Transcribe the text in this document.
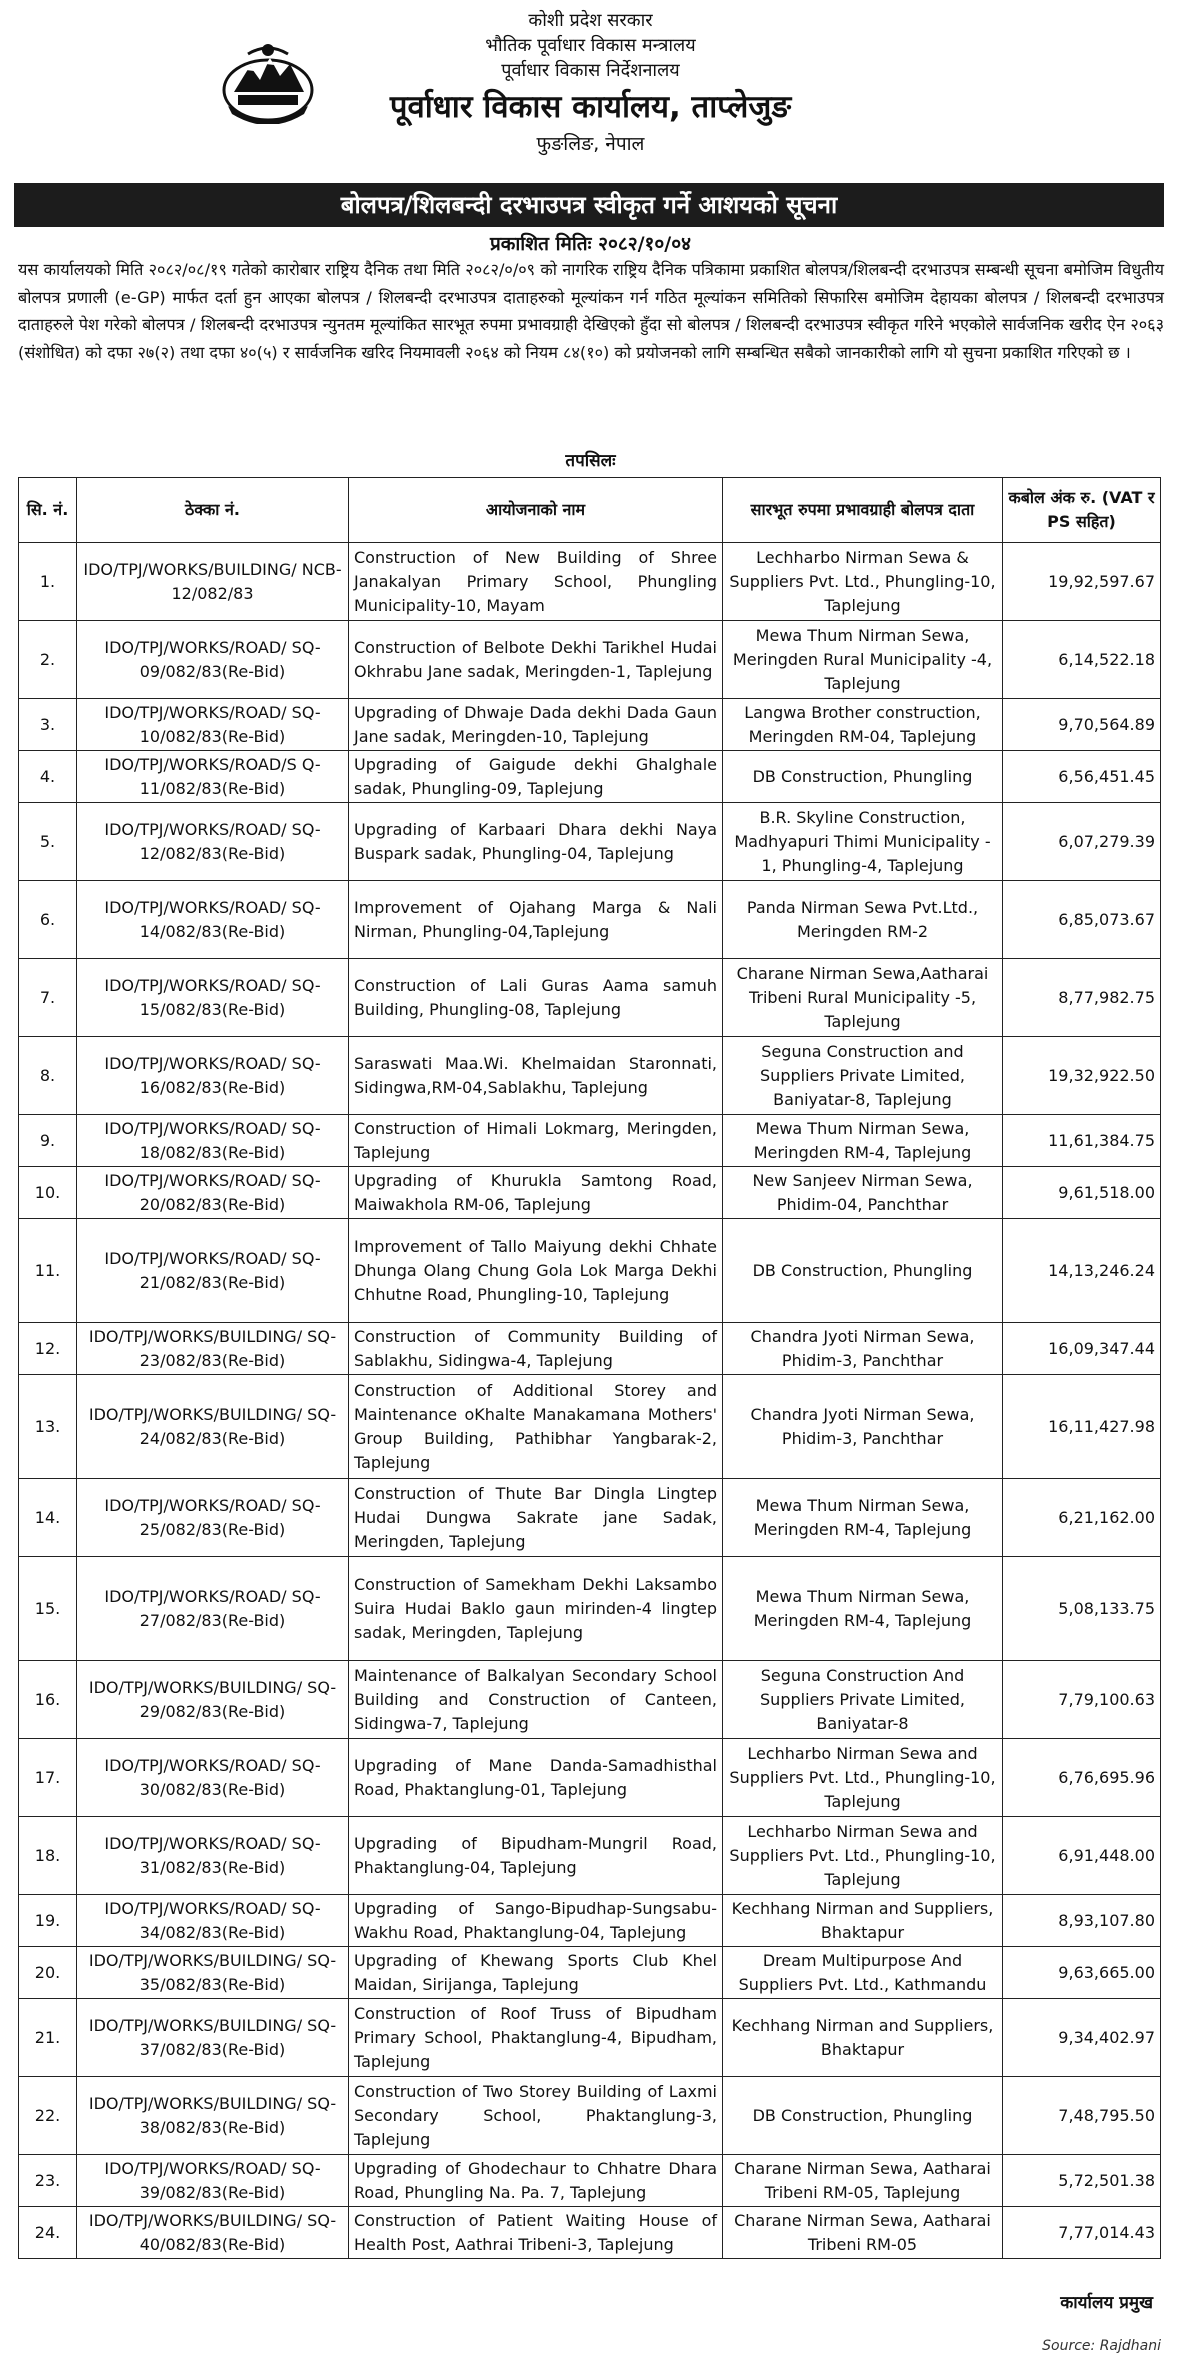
कोशी प्रदेश सरकार
भौतिक पूर्वाधार विकास मन्त्रालय
पूर्वाधार विकास निर्देशनालय
पूर्वाधार विकास कार्यालय, ताप्लेजुङ
फुङलिङ, नेपाल
बोलपत्र/शिलबन्दी दरभाउपत्र स्वीकृत गर्ने आशयको सूचना
प्रकाशित मितिः २०८२/१०/०४
यस कार्यालयको मिति २०८२/०८/१९ गतेको कारोबार राष्ट्रिय दैनिक तथा मिति २०८२/०/०९ को नागरिक राष्ट्रिय दैनिक पत्रिकामा प्रकाशित बोलपत्र/शिलबन्दी दरभाउपत्र सम्बन्धी सूचना बमोजिम विधुतीय बोलपत्र प्रणाली (e-GP) मार्फत दर्ता हुन आएका बोलपत्र / शिलबन्दी दरभाउपत्र दाताहरुको मूल्यांकन गर्न गठित मूल्यांकन समितिको सिफारिस बमोजिम देहायका बोलपत्र / शिलबन्दी दरभाउपत्र दाताहरुले पेश गरेको बोलपत्र / शिलबन्दी दरभाउपत्र न्युनतम मूल्यांकित सारभूत रुपमा प्रभावग्राही देखिएको हुँदा सो बोलपत्र / शिलबन्दी दरभाउपत्र स्वीकृत गरिने भएकोले सार्वजनिक खरीद ऐन २०६३ (संशोधित) को दफा २७(२) तथा दफा ४०(५) र सार्वजनिक खरिद नियमावली २०६४ को नियम ८४(१०) को प्रयोजनको लागि सम्बन्धित सबैको जानकारीको लागि यो सुचना प्रकाशित गरिएको छ ।
तपसिलः
सि. नं.	ठेक्का नं.	आयोजनाको नाम	सारभूत रुपमा प्रभावग्राही बोलपत्र दाता	कबोल अंक रु. (VAT र PS सहित)
1.	IDO/TPJ/WORKS/BUILDING/ NCB-12/082/83	Construction of New Building of Shree Janakalyan Primary School, Phungling Municipality-10, Mayam	Lechharbo Nirman Sewa & Suppliers Pvt. Ltd., Phungling-10, Taplejung	19,92,597.67
2.	IDO/TPJ/WORKS/ROAD/ SQ-09/082/83(Re-Bid)	Construction of Belbote Dekhi Tarikhel Hudai Okhrabu Jane sadak, Meringden-1, Taplejung	Mewa Thum Nirman Sewa, Meringden Rural Municipality -4, Taplejung	6,14,522.18
3.	IDO/TPJ/WORKS/ROAD/ SQ-10/082/83(Re-Bid)	Upgrading of Dhwaje Dada dekhi Dada Gaun Jane sadak, Meringden-10, Taplejung	Langwa Brother construction, Meringden RM-04, Taplejung	9,70,564.89
4.	IDO/TPJ/WORKS/ROAD/S Q-11/082/83(Re-Bid)	Upgrading of Gaigude dekhi Ghalghale sadak, Phungling-09, Taplejung	DB Construction, Phungling	6,56,451.45
5.	IDO/TPJ/WORKS/ROAD/ SQ-12/082/83(Re-Bid)	Upgrading of Karbaari Dhara dekhi Naya Buspark sadak, Phungling-04, Taplejung	B.R. Skyline Construction, Madhyapuri Thimi Municipality - 1, Phungling-4, Taplejung	6,07,279.39
6.	IDO/TPJ/WORKS/ROAD/ SQ-14/082/83(Re-Bid)	Improvement of Ojahang Marga & Nali Nirman, Phungling-04,Taplejung	Panda Nirman Sewa Pvt.Ltd., Meringden RM-2	6,85,073.67
7.	IDO/TPJ/WORKS/ROAD/ SQ-15/082/83(Re-Bid)	Construction of Lali Guras Aama samuh Building, Phungling-08, Taplejung	Charane Nirman Sewa,Aatharai Tribeni Rural Municipality -5, Taplejung	8,77,982.75
8.	IDO/TPJ/WORKS/ROAD/ SQ-16/082/83(Re-Bid)	Saraswati Maa.Wi. Khelmaidan Staronnati, Sidingwa,RM-04,Sablakhu, Taplejung	Seguna Construction and Suppliers Private Limited, Baniyatar-8, Taplejung	19,32,922.50
9.	IDO/TPJ/WORKS/ROAD/ SQ-18/082/83(Re-Bid)	Construction of Himali Lokmarg, Meringden, Taplejung	Mewa Thum Nirman Sewa, Meringden RM-4, Taplejung	11,61,384.75
10.	IDO/TPJ/WORKS/ROAD/ SQ-20/082/83(Re-Bid)	Upgrading of Khurukla Samtong Road, Maiwakhola RM-06, Taplejung	New Sanjeev Nirman Sewa, Phidim-04, Panchthar	9,61,518.00
11.	IDO/TPJ/WORKS/ROAD/ SQ-21/082/83(Re-Bid)	Improvement of Tallo Maiyung dekhi Chhate Dhunga Olang Chung Gola Lok Marga Dekhi Chhutne Road, Phungling-10, Taplejung	DB Construction, Phungling	14,13,246.24
12.	IDO/TPJ/WORKS/BUILDING/ SQ-23/082/83(Re-Bid)	Construction of Community Building of Sablakhu, Sidingwa-4, Taplejung	Chandra Jyoti Nirman Sewa, Phidim-3, Panchthar	16,09,347.44
13.	IDO/TPJ/WORKS/BUILDING/ SQ-24/082/83(Re-Bid)	Construction of Additional Storey and Maintenance oKhalte Manakamana Mothers' Group Building, Pathibhar Yangbarak-2, Taplejung	Chandra Jyoti Nirman Sewa, Phidim-3, Panchthar	16,11,427.98
14.	IDO/TPJ/WORKS/ROAD/ SQ-25/082/83(Re-Bid)	Construction of Thute Bar Dingla Lingtep Hudai Dungwa Sakrate jane Sadak, Meringden, Taplejung	Mewa Thum Nirman Sewa, Meringden RM-4, Taplejung	6,21,162.00
15.	IDO/TPJ/WORKS/ROAD/ SQ-27/082/83(Re-Bid)	Construction of Samekham Dekhi Laksambo Suira Hudai Baklo gaun mirinden-4 lingtep sadak, Meringden, Taplejung	Mewa Thum Nirman Sewa, Meringden RM-4, Taplejung	5,08,133.75
16.	IDO/TPJ/WORKS/BUILDING/ SQ-29/082/83(Re-Bid)	Maintenance of Balkalyan Secondary School Building and Construction of Canteen, Sidingwa-7, Taplejung	Seguna Construction And Suppliers Private Limited, Baniyatar-8	7,79,100.63
17.	IDO/TPJ/WORKS/ROAD/ SQ-30/082/83(Re-Bid)	Upgrading of Mane Danda-Samadhisthal Road, Phaktanglung-01, Taplejung	Lechharbo Nirman Sewa and Suppliers Pvt. Ltd., Phungling-10, Taplejung	6,76,695.96
18.	IDO/TPJ/WORKS/ROAD/ SQ-31/082/83(Re-Bid)	Upgrading of Bipudham-Mungril Road, Phaktanglung-04, Taplejung	Lechharbo Nirman Sewa and Suppliers Pvt. Ltd., Phungling-10, Taplejung	6,91,448.00
19.	IDO/TPJ/WORKS/ROAD/ SQ-34/082/83(Re-Bid)	Upgrading of Sango-Bipudhap-Sungsabu-Wakhu Road, Phaktanglung-04, Taplejung	Kechhang Nirman and Suppliers, Bhaktapur	8,93,107.80
20.	IDO/TPJ/WORKS/BUILDING/ SQ-35/082/83(Re-Bid)	Upgrading of Khewang Sports Club Khel Maidan, Sirijanga, Taplejung	Dream Multipurpose And Suppliers Pvt. Ltd., Kathmandu	9,63,665.00
21.	IDO/TPJ/WORKS/BUILDING/ SQ-37/082/83(Re-Bid)	Construction of Roof Truss of Bipudham Primary School, Phaktanglung-4, Bipudham, Taplejung	Kechhang Nirman and Suppliers, Bhaktapur	9,34,402.97
22.	IDO/TPJ/WORKS/BUILDING/ SQ-38/082/83(Re-Bid)	Construction of Two Storey Building of Laxmi Secondary School, Phaktanglung-3, Taplejung	DB Construction, Phungling	7,48,795.50
23.	IDO/TPJ/WORKS/ROAD/ SQ-39/082/83(Re-Bid)	Upgrading of Ghodechaur to Chhatre Dhara Road, Phungling Na. Pa. 7, Taplejung	Charane Nirman Sewa, Aatharai Tribeni RM-05, Taplejung	5,72,501.38
24.	IDO/TPJ/WORKS/BUILDING/ SQ-40/082/83(Re-Bid)	Construction of Patient Waiting House of Health Post, Aathrai Tribeni-3, Taplejung	Charane Nirman Sewa, Aatharai Tribeni RM-05	7,77,014.43
कार्यालय प्रमुख
Source: Rajdhani
